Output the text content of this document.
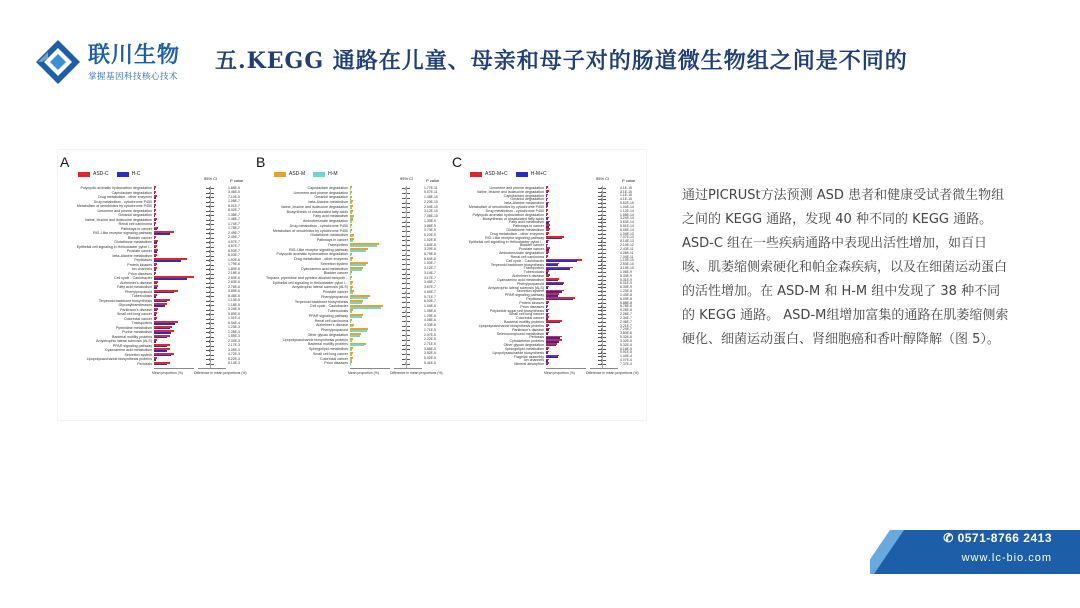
联川生物
掌握基因科技核心技术
五.KEGG 通路在儿童、母亲和母子对的肠道微生物组之间是不同的
A
ASD-C	H-C
95% CI	P value
Polycyclic aromatic hydrocarbon degradation	1.66E-5
Caprolactam degradation	3.46E-5
Drug metabolism - other enzymes	7.10E-5
Drug metabolism - cytochrome P450	1.08E-7
Metabolism of xenobiotics by cytochrome P450	8.01E-7
Limonene and pinene degradation	8.02E-7
Geraniol degradation	1.38E-7
Valine, leucine and isoleucine degradation	1.46E-7
Renal cell carcinoma	1.74E-7
Pathways in cancer	1.75E-7
RIG-I-like receptor signaling pathway	2.49E-7
Bladder cancer	2.49E-7
Glutathione metabolism	4.57E-7
Epithelial cell signaling in Helicobacter pylori i...	4.57E-7
Prostate cancer	8.93E-7
beta-Alanine metabolism	8.03E-7
Peptidases	1.92E-6
Protein kinases	1.79E-6
Ion channels	1.80E-6
Prion diseases	2.18E-6
Cell cycle - Caulobacter	2.60E-6
Alzheimer's disease	2.63E-6
Fatty acid metabolism	2.76E-6
Phenylpropanoid	3.89E-6
Tuberculosis	8.46E-6
Terpenoid backbone biosynthesis	1.13E-5
Glycosyltransferases	1.18E-5
Parkinson's disease	3.24E-5
Small cell lung cancer	5.89E-5
Colorectal cancer	1.01E-4
Transporters	6.94E-4
Pyrimidine metabolism	1.23E-3
Purine metabolism	1.28E-3
Bacterial motility proteins	1.59E-3
Amyotrophic lateral sclerosis (ALS)	2.04E-3
PPAR signaling pathway	2.17E-3
Cyanoamino acid metabolism	3.05E-3
Secretion system	4.72E-3
Lipopolysaccharide biosynthesis proteins	5.22E-3
Pertussis	8.14E-3
Mean proportion (%)	Difference in mean proportions (%)
B
ASD-M	H-M
95% CI	P value
Caprolactam degradation	1.77E-11
Limonene and pinene degradation	5.57E-11
Geraniol degradation	1.45E-10
beta-Alanine metabolism	2.20E-10
Valine, leucine and isoleucine degradation	2.04E-10
Biosynthesis of unsaturated fatty acids	3.12E-10
Fatty acid metabolism	7.06E-10
Aminobenzoate degradation	1.33E-9
Drug metabolism - cytochrome P450	3.86E-9
Metabolism of xenobiotics by cytochrome P450	3.73E-9
Glutathione metabolism	5.20E-9
Pathways in cancer	1.02E-8
Transporters	1.84E-8
RIG-I-like receptor signaling pathway	3.29E-8
Polycyclic aromatic hydrocarbon degradation	5.79E-8
Drug metabolism - other enzymes	6.64E-8
Secretion system	1.00E-7
Cyanoamino acid metabolism	3.12E-7
Bladder cancer	3.14E-7
Tropane, piperidine and pyridine alkaloid biosynth...	3.17E-7
Epithelial cell signaling in Helicobacter pylori i...	3.45E-7
Amyotrophic lateral sclerosis (ALS)	3.67E-7
Prostate cancer	4.60E-7
Phenylpropanoid	5.71E-7
Terpenoid backbone biosynthesis	6.02E-7
Cell cycle - Caulobacter	1.04E-6
Tuberculosis	1.05E-6
PPAR signaling pathway	1.29E-6
Renal cell carcinoma	4.08E-6
Alzheimer's disease	4.33E-6
Phenylpropanoid	1.71E-5
Other glycan degradation	2.07E-5
Lipopolysaccharide biosynthesis proteins	2.22E-5
Bacterial motility proteins	2.71E-5
Sphingolipid metabolism	3.66E-5
Small cell lung cancer	3.52E-5
Colorectal cancer	5.02E-5
Prion diseases	5.41E-5
Mean proportion (%)	Difference in mean proportions (%)
C
ASD-M+C	H-M+C
95% CI	P value
Limonene and pinene degradation	4.1E-15
Valine, leucine and isoleucine degradation	3.1E-15
Caprolactam degradation	1.1E-15
Geraniol degradation	4.1E-15
beta-Alanine metabolism	5.62E-15
Metabolism of xenobiotics by cytochrome P450	1.04E-14
Drug metabolism - cytochrome P450	1.12E-14
Polycyclic aromatic hydrocarbon degradation	1.55E-14
Biosynthesis of unsaturated fatty acids	3.24E-14
Fatty acid metabolism	3.63E-14
Pathways in cancer	5.51E-14
Glutathione metabolism	6.05E-14
Drug metabolism - other enzymes	1.04E-13
RIG-I-like receptor signaling pathway	7.07E-13
Epithelial cell signaling in Helicobacter pylori i...	8.14E-13
Bladder cancer	2.10E-12
Prostate cancer	2.43E-11
Aminobenzoate degradation	4.26E-11
Renal cell carcinoma	7.04E-11
Cell cycle - Caulobacter	1.10E-10
Terpenoid backbone biosynthesis	2.53E-10
Transporters	3.19E-10
Tuberculosis	1.06E-9
Alzheimer's disease	5.33E-9
Cyanoamino acid metabolism	5.31E-9
Phenylpropanoid	6.01E-9
Amyotrophic lateral sclerosis (ALS)	6.30E-9
Secretion system	1.20E-8
PPAR signaling pathway	1.43E-8
Peptidases	6.09E-8
Protein kinases	5.88E-8
Prion diseases	6.78E-8
Polyketide sugar unit biosynthesis	9.26E-8
Small cell lung cancer	2.26E-7
Colorectal cancer	2.34E-7
Bacterial motility proteins	2.46E-7
Lipopolysaccharide biosynthesis proteins	3.21E-7
Parkinson's disease	7.24E-7
Selenocompound metabolism	3.80E-6
Pertussis	5.32E-6
Cytoskeleton proteins	3.32E-5
Other glycan degradation	5.32E-5
Sphingolipid metabolism	6.16E-5
Lipopolysaccharide biosynthesis	9.91E-5
Flagellar assembly	1.44E-4
Ion channels	4.07E-4
Mineral absorption	7.37E-4
Mean proportion (%)	Difference in mean proportions (%)
通过PICRUSt方法预测 ASD 患者和健康受试者微生物组之间的 KEGG 通路，发现 40 种不同的 KEGG 通路。ASD-C 组在一些疾病通路中表现出活性增加，如百日咳、肌萎缩侧索硬化和帕金森疾病，以及在细菌运动蛋白的活性增加。在 ASD-M 和 H-M 组中发现了 38 种不同的 KEGG 通路。 ASD-M组增加富集的通路在肌萎缩侧索硬化、细菌运动蛋白、肾细胞癌和香叶醇降解（图 5）。
✆ 0571-8766 2413
www.lc-bio.com
